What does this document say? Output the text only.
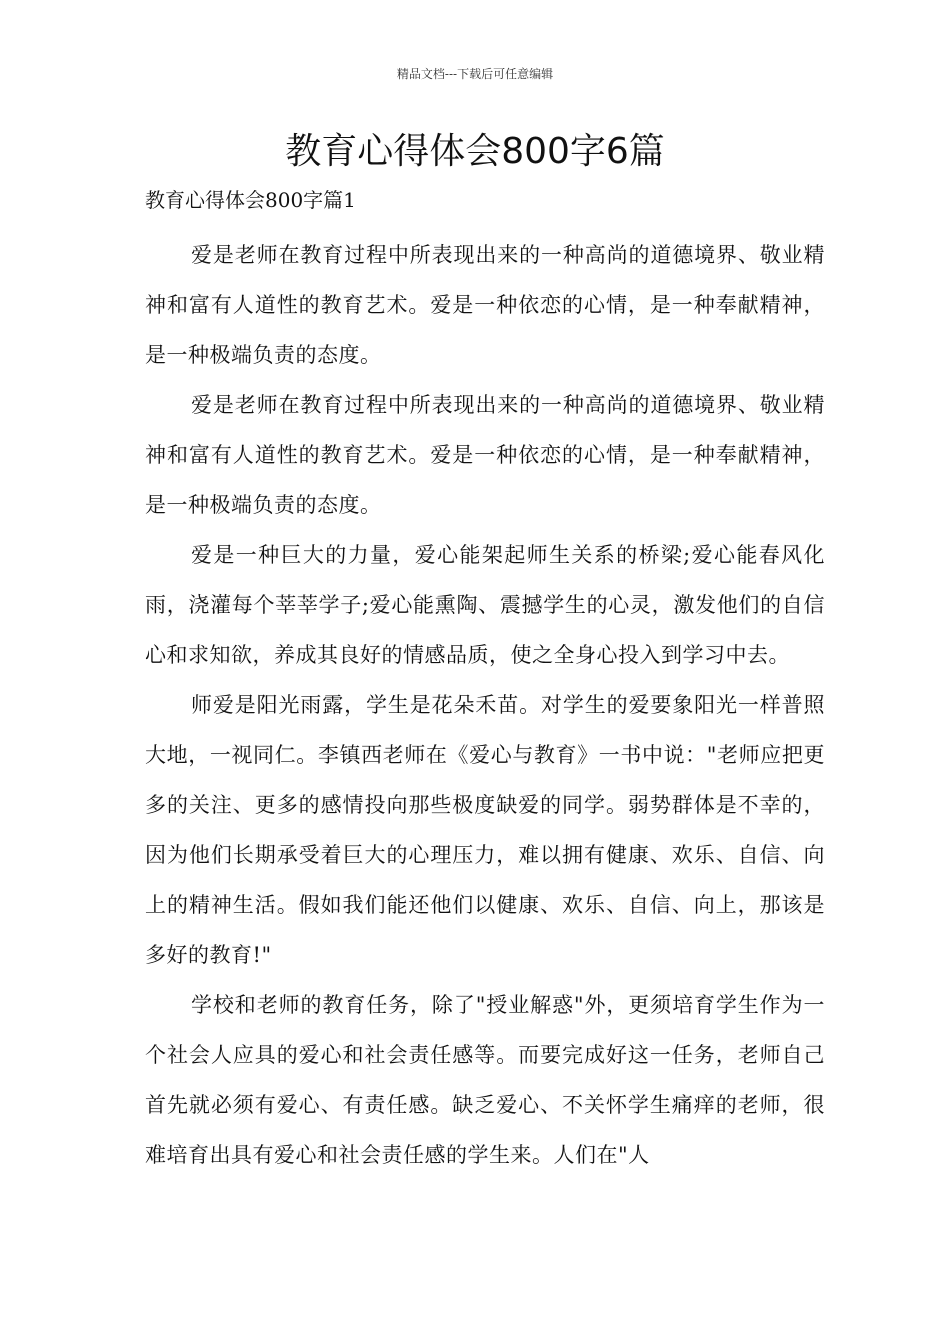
精品文档---下载后可任意编辑
教育心得体会800字6篇
教育心得体会800字篇1

爱是老师在教育过程中所表现出来的一种高尚的道德境界、敬业精神和富有人道性的教育艺术。爱是一种依恋的心情，是一种奉献精神，是一种极端负责的态度。

爱是老师在教育过程中所表现出来的一种高尚的道德境界、敬业精神和富有人道性的教育艺术。爱是一种依恋的心情，是一种奉献精神，是一种极端负责的态度。

爱是一种巨大的力量，爱心能架起师生关系的桥梁;爱心能春风化雨，浇灌每个莘莘学子;爱心能熏陶、震撼学生的心灵，激发他们的自信心和求知欲，养成其良好的情感品质，使之全身心投入到学习中去。

师爱是阳光雨露，学生是花朵禾苗。对学生的爱要象阳光一样普照大地，一视同仁。李镇西老师在《爱心与教育》一书中说："老师应把更多的关注、更多的感情投向那些极度缺爱的同学。弱势群体是不幸的，因为他们长期承受着巨大的心理压力，难以拥有健康、欢乐、自信、向上的精神生活。假如我们能还他们以健康、欢乐、自信、向上，那该是多好的教育!"

学校和老师的教育任务，除了"授业解惑"外，更须培育学生作为一个社会人应具的爱心和社会责任感等。而要完成好这一任务，老师自己首先就必须有爱心、有责任感。缺乏爱心、不关怀学生痛痒的老师，很难培育出具有爱心和社会责任感的学生来。人们在"人
